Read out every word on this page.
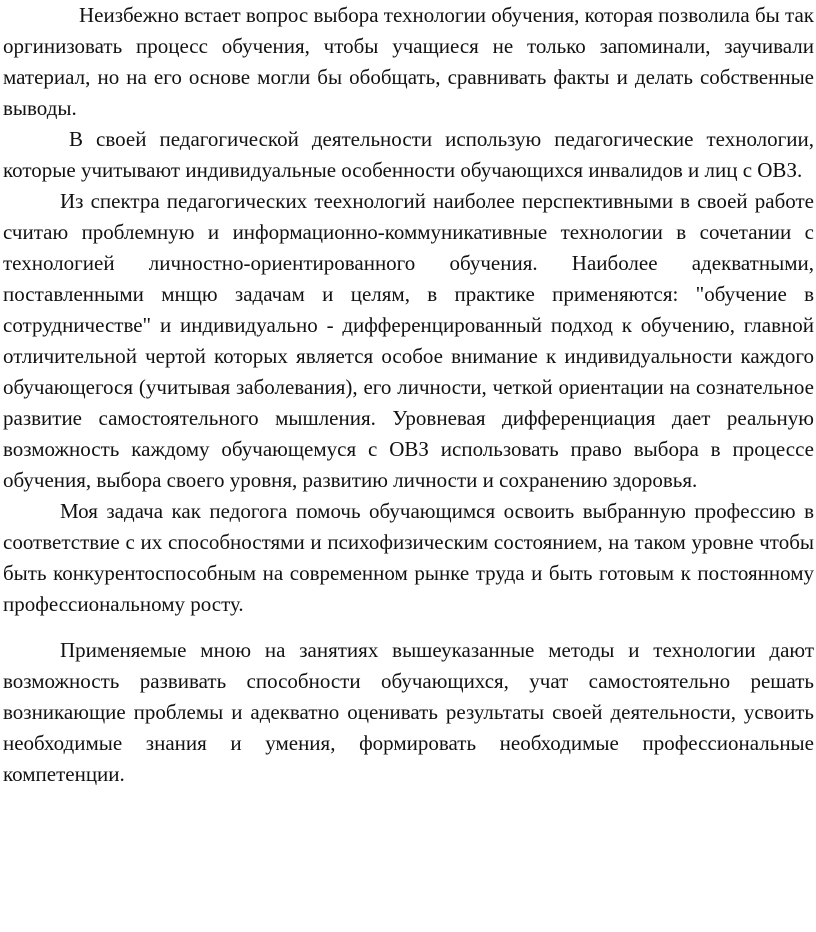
Неизбежно встает вопрос выбора технологии обучения, которая позволила бы так оргинизовать процесс обучения, чтобы учащиеся не только запоминали, заучивали материал, но на его основе могли бы обобщать, сравнивать факты и делать собственные выводы.

В своей педагогической деятельности использую педагогические технологии, которые учитывают индивидуальные особенности обучающихся инвалидов и лиц с ОВЗ.

Из спектра педагогических теехнологий наиболее перспективными в своей работе считаю проблемную и информационно-коммуникативные технологии в сочетании с технологией личностно-ориентированного обучения. Наиболее адекватными, поставленными мнщю задачам и целям, в практике применяются: "обучение в сотрудничестве" и индивидуально - дифференцированный подход к обучению, главной отличительной чертой которых является особое внимание к индивидуальности каждого обучающегося (учитывая заболевания), его личности, четкой ориентации на сознательное развитие самостоятельного мышления. Уровневая дифференциация дает реальную возможность каждому обучающемуся с ОВЗ использовать право выбора в процессе обучения, выбора своего уровня, развитию личности и сохранению здоровья.

Моя задача как педогога помочь обучающимся освоить выбранную профессию в соответствие с их способностями и психофизическим состоянием, на таком уровне чтобы быть конкурентоспособным на современном рынке труда и быть готовым к постоянному профессиональному росту.

Применяемые мною на занятиях вышеуказанные методы и технологии дают возможность развивать способности обучающихся, учат самостоятельно решать возникающие проблемы и адекватно оценивать результаты своей деятельности, усвоить необходимые знания и умения, формировать необходимые профессиональные компетенции.
